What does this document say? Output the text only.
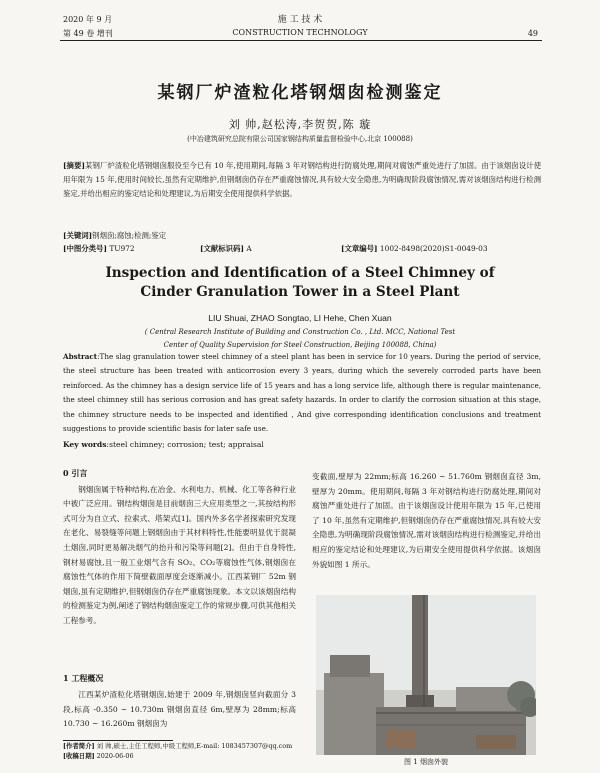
2020 年 9 月
第 49 卷 增刊
施 工 技 术
CONSTRUCTION TECHNOLOGY	49
某钢厂炉渣粒化塔钢烟囱检测鉴定
刘 帅,赵松涛,李贺贺,陈 璇
(中冶建筑研究总院有限公司国家钢结构质量监督检验中心,北京 100088)
[摘要]某钢厂炉渣粒化塔钢烟囱服役至今已有 10 年,使用期间,每隔 3 年对钢结构进行防腐处理,期间对腐蚀严重处进行了加固。由于该烟囱设计使用年限为 15 年,使用时间较长,虽然有定期维护,但钢烟囱仍存在严重腐蚀情况,具有较大安全隐患,为明确现阶段腐蚀情况,需对该烟囱结构进行检测鉴定,并给出相应的鉴定结论和处理建议,为后期安全使用提供科学依据。
[关键词]钢烟囱;腐蚀;检测;鉴定
[中图分类号] TU972	[文献标识码] A	[文章编号] 1002-8498(2020)S1-0049-03
Inspection and Identification of a Steel Chimney of
Cinder Granulation Tower in a Steel Plant
LIU Shuai, ZHAO Songtao, LI Hehe, Chen Xuan
( Central Research Institute of Building and Construction Co. , Ltd. MCC, National Test
Center of Quality Supervision for Steel Construction, Beijing 100088, China)
Abstract:The slag granulation tower steel chimney of a steel plant has been in service for 10 years. During the period of service, the steel structure has been treated with anticorrosion every 3 years, during which the severely corroded parts have been reinforced. As the chimney has a design service life of 15 years and has a long service life, although there is regular maintenance, the steel chimney still has serious corrosion and has great safety hazards. In order to clarify the corrosion situation at this stage, the chimney structure needs to be inspected and identified , And give corresponding identification conclusions and treatment suggestions to provide scientific basis for later safe use.
Key words:steel chimney; corrosion; test; appraisal
0 引言

钢烟囱属于特种结构,在冶金、水利电力、机械、化工等各种行业中被广泛应用。钢结构烟囱是目前烟囱三大应用类型之一,其按结构形式可分为自立式、拉索式、塔架式[1]。国内外多名学者探索研究发现在老化、易裂缝等问题上钢烟囱由于其材料特性,性能要明显优于混凝土烟囱,同时更易解决烟气的抬升和污染等问题[2]。但由于自身特性,钢材易腐蚀,且一般工业烟气含有 SO₂、CO₂等腐蚀性气体,钢烟囱在腐蚀性气体的作用下简壁截面厚度会逐渐减小。江西某钢厂 52m 钢烟囱,虽有定期维护,但钢烟囱仍存在严重腐蚀现象。本文以该烟囱结构的检测鉴定为例,阐述了钢结构烟囱鉴定工作的常规步骤,可供其他相关工程参考。

1 工程概况

江西某炉渣粒化塔钢烟囱,始建于 2009 年,钢烟囱竖向截面分 3 段,标高 -0.350 ~ 10.730m 钢烟囱直径 6m,壁厚为 28mm;标高 10.730 ~ 16.260m 钢烟囱为

[作者简介] 刘 帅,硕士,主任工程师,中级工程师,E-mail: 1083457307@qq.com
[收稿日期] 2020-06-06

变截面,壁厚为 22mm;标高 16.260 ~ 51.760m 钢烟囱直径 3m,壁厚为 20mm。使用期间,每隔 3 年对钢结构进行防腐处理,期间对腐蚀严重处进行了加固。由于该烟囱设计使用年限为 15 年,已使用了 10 年,虽然有定期维护,但钢烟囱仍存在严重腐蚀情况,具有较大安全隐患,为明确现阶段腐蚀情况,需对该烟囱结构进行检测鉴定,并给出相应的鉴定结论和处理建议,为后期安全使用提供科学依据。该烟囱外貌如图 1 所示。

图 1 烟囱外貌
